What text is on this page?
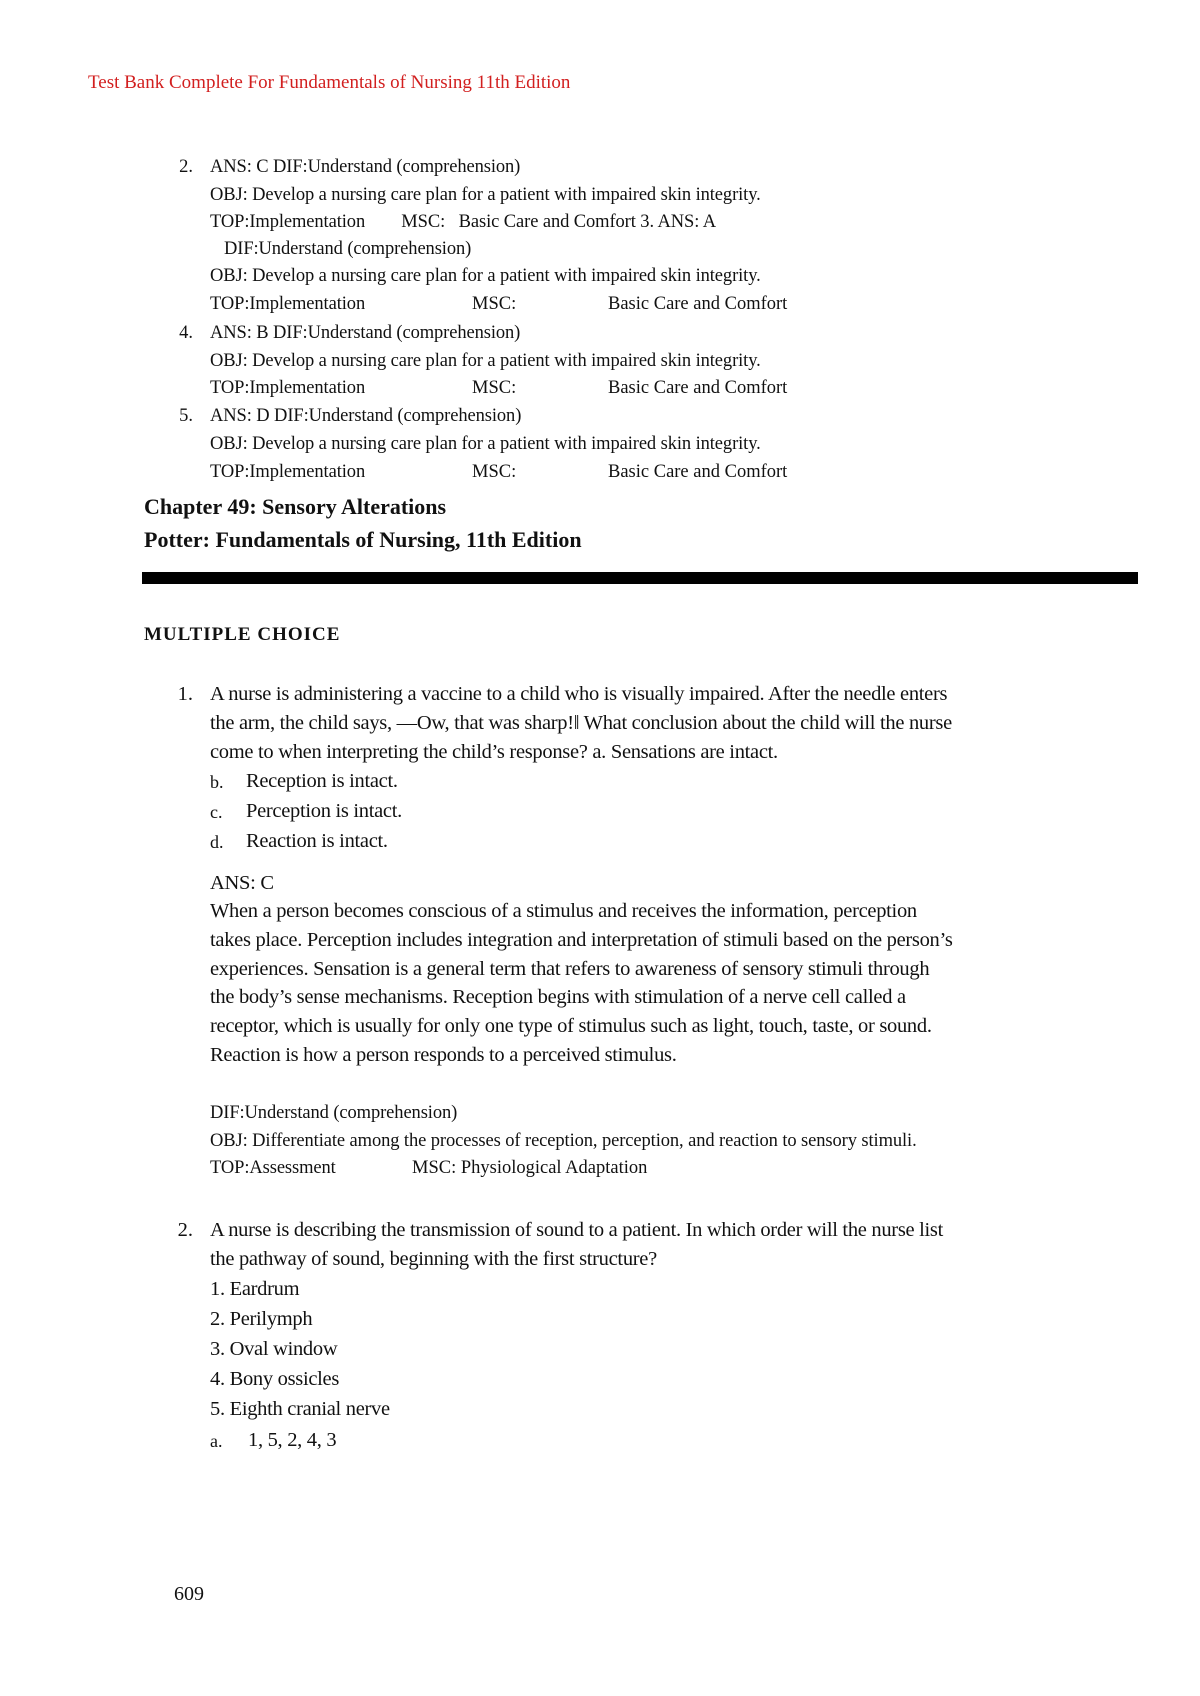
Test Bank Complete For Fundamentals of Nursing 11th Edition
2. ANS: C DIF:Understand (comprehension)
OBJ: Develop a nursing care plan for a patient with impaired skin integrity.
TOP:Implementation        MSC:   Basic Care and Comfort 3. ANS: A
DIF:Understand (comprehension)
OBJ: Develop a nursing care plan for a patient with impaired skin integrity.
TOP:Implementation	MSC:	Basic Care and Comfort
4. ANS: B DIF:Understand (comprehension)
OBJ: Develop a nursing care plan for a patient with impaired skin integrity.
TOP:Implementation	MSC:	Basic Care and Comfort
5. ANS: D DIF:Understand (comprehension)
OBJ: Develop a nursing care plan for a patient with impaired skin integrity.
TOP:Implementation	MSC:	Basic Care and Comfort
Chapter 49: Sensory Alterations
Potter: Fundamentals of Nursing, 11th Edition
MULTIPLE CHOICE
1. A nurse is administering a vaccine to a child who is visually impaired. After the needle enters
the arm, the child says, —Ow, that was sharp!‖ What conclusion about the child will the nurse
come to when interpreting the child’s response? a. Sensations are intact.
b. Reception is intact.
c. Perception is intact.
d. Reaction is intact.
ANS: C
When a person becomes conscious of a stimulus and receives the information, perception
takes place. Perception includes integration and interpretation of stimuli based on the person’s
experiences. Sensation is a general term that refers to awareness of sensory stimuli through
the body’s sense mechanisms. Reception begins with stimulation of a nerve cell called a
receptor, which is usually for only one type of stimulus such as light, touch, taste, or sound.
Reaction is how a person responds to a perceived stimulus.
DIF:Understand (comprehension)
OBJ: Differentiate among the processes of reception, perception, and reaction to sensory stimuli.
TOP:Assessment	MSC: Physiological Adaptation
2. A nurse is describing the transmission of sound to a patient. In which order will the nurse list
the pathway of sound, beginning with the first structure?
1. Eardrum
2. Perilymph
3. Oval window
4. Bony ossicles
5. Eighth cranial nerve
a. 1, 5, 2, 4, 3
609
